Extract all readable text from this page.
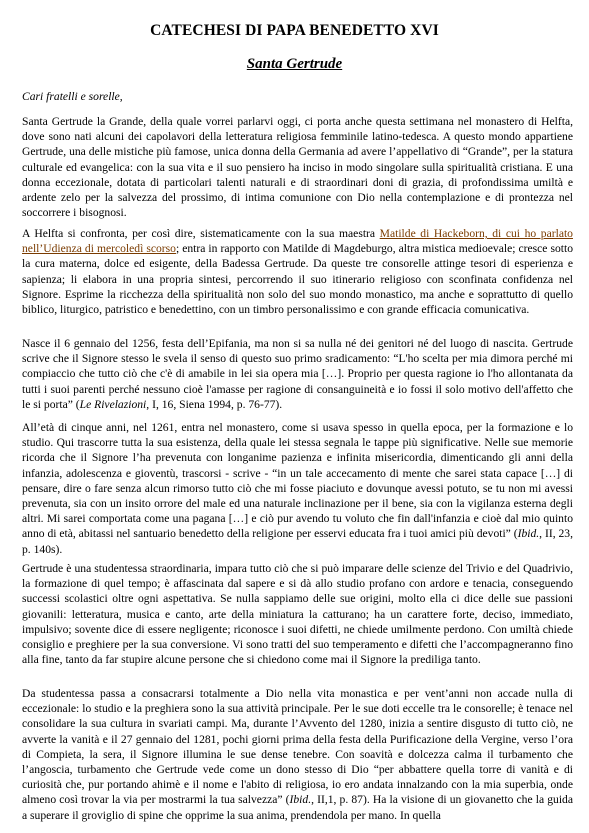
CATECHESI DI PAPA BENEDETTO XVI
Santa Gertrude

Cari fratelli e sorelle,

Santa Gertrude la Grande, della quale vorrei parlarvi oggi, ci porta anche questa settimana nel monastero di Helfta, dove sono nati alcuni dei capolavori della letteratura religiosa femminile latino-tedesca. A questo mondo appartiene Gertrude, una delle mistiche più famose, unica donna della Germania ad avere l’appellativo di “Grande”, per la statura culturale ed evangelica: con la sua vita e il suo pensiero ha inciso in modo singolare sulla spiritualità cristiana. E una donna eccezionale, dotata di particolari talenti naturali e di straordinari doni di grazia, di profondissima umiltà e ardente zelo per la salvezza del prossimo, di intima comunione con Dio nella contemplazione e di prontezza nel soccorrere i bisognosi.

A Helfta si confronta, per così dire, sistematicamente con la sua maestra Matilde di Hackeborn, di cui ho parlato nell’Udienza di mercoledì scorso; entra in rapporto con Matilde di Magdeburgo, altra mistica medioevale; cresce sotto la cura materna, dolce ed esigente, della Badessa Gertrude. Da queste tre consorelle attinge tesori di esperienza e sapienza; li elabora in una propria sintesi, percorrendo il suo itinerario religioso con sconfinata confidenza nel Signore. Esprime la ricchezza della spiritualità non solo del suo mondo monastico, ma anche e soprattutto di quello biblico, liturgico, patristico e benedettino, con un timbro personalissimo e con grande efficacia comunicativa.

Nasce il 6 gennaio del 1256, festa dell’Epifania, ma non si sa nulla né dei genitori né del luogo di nascita. Gertrude scrive che il Signore stesso le svela il senso di questo suo primo sradicamento: “L'ho scelta per mia dimora perché mi compiaccio che tutto ciò che c'è di amabile in lei sia opera mia […]. Proprio per questa ragione io l'ho allontanata da tutti i suoi parenti perché nessuno cioè l'amasse per ragione di consanguineità e io fossi il solo motivo dell'affetto che le si porta” (Le Rivelazioni, I, 16, Siena 1994, p. 76-77).

All’età di cinque anni, nel 1261, entra nel monastero, come si usava spesso in quella epoca, per la formazione e lo studio. Qui trascorre tutta la sua esistenza, della quale lei stessa segnala le tappe più significative. Nelle sue memorie ricorda che il Signore l’ha prevenuta con longanime pazienza e infinita misericordia, dimenticando gli anni della infanzia, adolescenza e gioventù, trascorsi - scrive - “in un tale accecamento di mente che sarei stata capace […] di pensare, dire o fare senza alcun rimorso tutto ciò che mi fosse piaciuto e dovunque avessi potuto, se tu non mi avessi prevenuta, sia con un insito orrore del male ed una naturale inclinazione per il bene, sia con la vigilanza esterna degli altri. Mi sarei comportata come una pagana […] e ciò pur avendo tu voluto che fin dall'infanzia e cioè dal mio quinto anno di età, abitassi nel santuario benedetto della religione per esservi educata fra i tuoi amici più devoti” (Ibid., II, 23, p. 140s).

Gertrude è una studentessa straordinaria, impara tutto ciò che si può imparare delle scienze del Trivio e del Quadrivio, la formazione di quel tempo; è affascinata dal sapere e si dà allo studio profano con ardore e tenacia, conseguendo successi scolastici oltre ogni aspettativa. Se nulla sappiamo delle sue origini, molto ella ci dice delle sue passioni giovanili: letteratura, musica e canto, arte della miniatura la catturano; ha un carattere forte, deciso, immediato, impulsivo; sovente dice di essere negligente; riconosce i suoi difetti, ne chiede umilmente perdono. Con umiltà chiede consiglio e preghiere per la sua conversione. Vi sono tratti del suo temperamento e difetti che l’accompagneranno fino alla fine, tanto da far stupire alcune persone che si chiedono come mai il Signore la prediliga tanto.

Da studentessa passa a consacrarsi totalmente a Dio nella vita monastica e per vent’anni non accade nulla di eccezionale: lo studio e la preghiera sono la sua attività principale. Per le sue doti eccelle tra le consorelle; è tenace nel consolidare la sua cultura in svariati campi. Ma, durante l’Avvento del 1280, inizia a sentire disgusto di tutto ciò, ne avverte la vanità e il 27 gennaio del 1281, pochi giorni prima della festa della Purificazione della Vergine, verso l’ora di Compieta, la sera, il Signore illumina le sue dense tenebre. Con soavità e dolcezza calma il turbamento che l’angoscia, turbamento che Gertrude vede come un dono stesso di Dio “per abbattere quella torre di vanità e di curiosità che, pur portando ahimè e il nome e l'abito di religiosa, io ero andata innalzando con la mia superbia, onde almeno così trovar la via per mostrarmi la tua salvezza” (Ibid., II,1, p. 87). Ha la visione di un giovanetto che la guida a superare il groviglio di spine che opprime la sua anima, prendendola per mano. In quella
